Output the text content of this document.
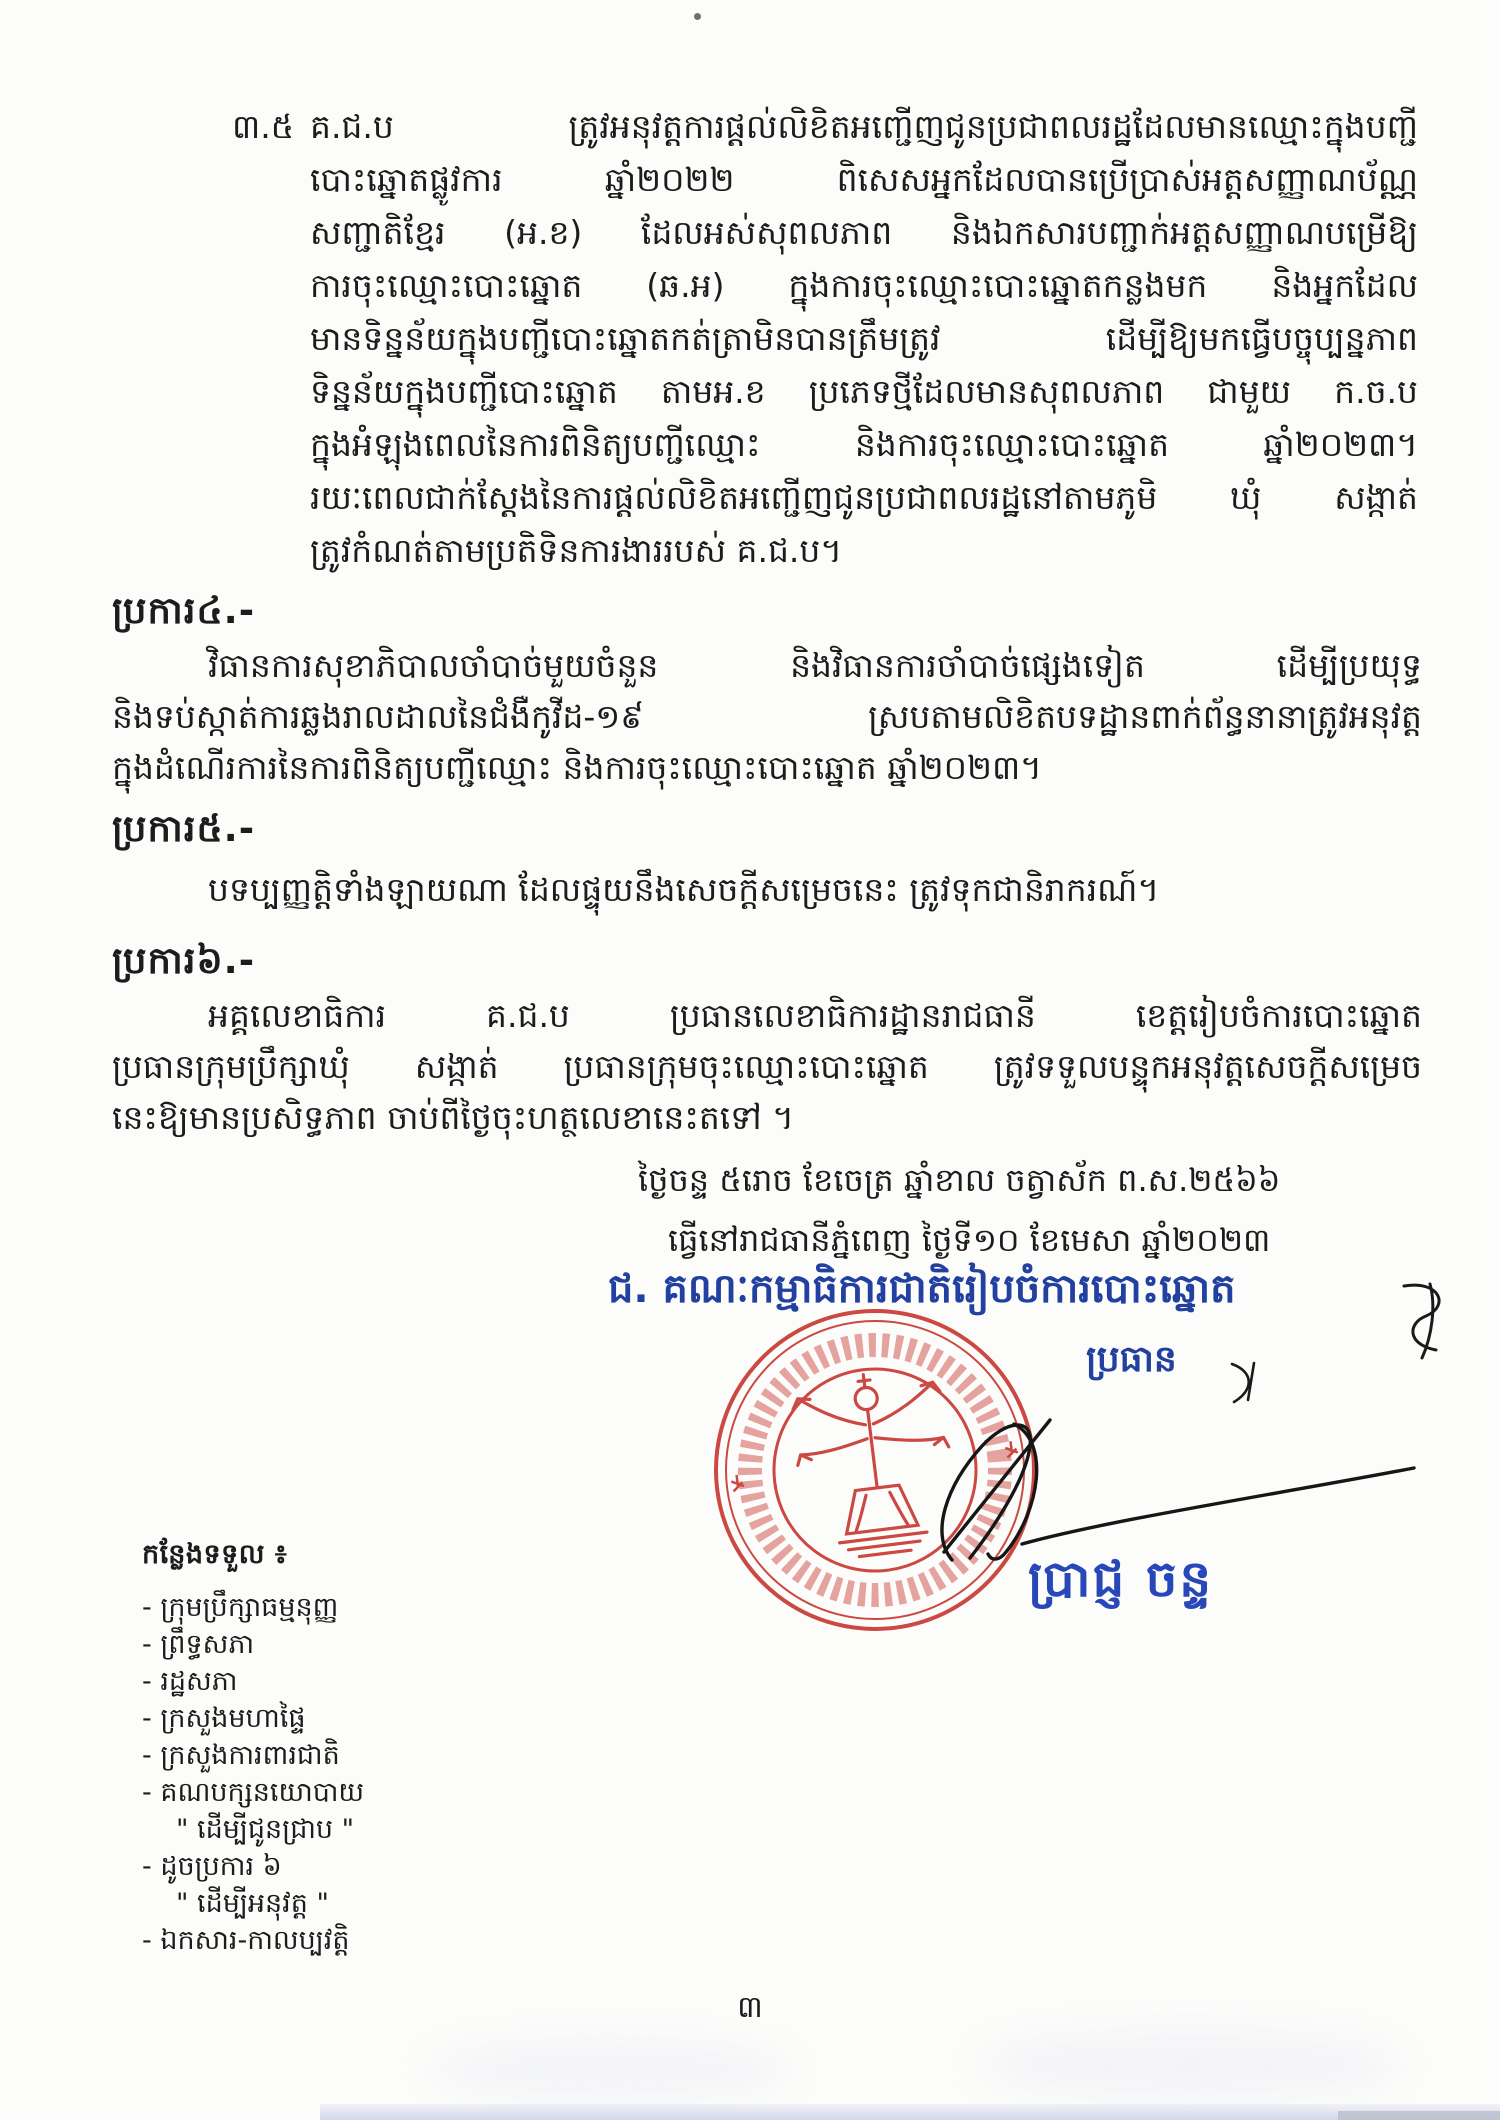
៣.៥ គ.ជ.ប ត្រូវអនុវត្តការផ្តល់លិខិតអញ្ជើញជូនប្រជាពលរដ្ឋដែលមានឈ្មោះក្នុងបញ្ជី
បោះឆ្នោតផ្លូវការ ឆ្នាំ២០២២ ពិសេសអ្នកដែលបានប្រើប្រាស់អត្តសញ្ញាណប័ណ្ណ
សញ្ជាតិខ្មែរ (អ.ខ) ដែលអស់សុពលភាព និងឯកសារបញ្ជាក់អត្តសញ្ញាណបម្រើឱ្យ
ការចុះឈ្មោះបោះឆ្នោត (ឆ.អ) ក្នុងការចុះឈ្មោះបោះឆ្នោតកន្លងមក និងអ្នកដែល
មានទិន្នន័យក្នុងបញ្ជីបោះឆ្នោតកត់ត្រាមិនបានត្រឹមត្រូវ ដើម្បីឱ្យមកធ្វើបច្ចុប្បន្នភាព
ទិន្នន័យក្នុងបញ្ជីបោះឆ្នោត តាមអ.ខ ប្រភេទថ្មីដែលមានសុពលភាព ជាមួយ ក.ច.ប
ក្នុងអំឡុងពេលនៃការពិនិត្យបញ្ជីឈ្មោះ និងការចុះឈ្មោះបោះឆ្នោត ឆ្នាំ២០២៣។
រយៈពេលជាក់ស្តែងនៃការផ្តល់លិខិតអញ្ជើញជូនប្រជាពលរដ្ឋនៅតាមភូមិ ឃុំ សង្កាត់
ត្រូវកំណត់តាមប្រតិទិនការងាររបស់ គ.ជ.ប។
ប្រការ៤.-
វិធានការសុខាភិបាលចាំបាច់មួយចំនួន និងវិធានការចាំបាច់ផ្សេងទៀត ដើម្បីប្រយុទ្ធ
និងទប់ស្កាត់ការឆ្លងរាលដាលនៃជំងឺកូវីដ-១៩ ស្របតាមលិខិតបទដ្ឋានពាក់ព័ន្ធនានាត្រូវអនុវត្ត
ក្នុងដំណើរការនៃការពិនិត្យបញ្ជីឈ្មោះ និងការចុះឈ្មោះបោះឆ្នោត ឆ្នាំ២០២៣។
ប្រការ៥.-
បទប្បញ្ញត្តិទាំងឡាយណា ដែលផ្ទុយនឹងសេចក្តីសម្រេចនេះ ត្រូវទុកជានិរាករណ៍។
ប្រការ៦.-
អគ្គលេខាធិការ គ.ជ.ប ប្រធានលេខាធិការដ្ឋានរាជធានី ខេត្តរៀបចំការបោះឆ្នោត
ប្រធានក្រុមប្រឹក្សាឃុំ សង្កាត់ ប្រធានក្រុមចុះឈ្មោះបោះឆ្នោត ត្រូវទទួលបន្ទុកអនុវត្តសេចក្តីសម្រេច
នេះឱ្យមានប្រសិទ្ធភាព ចាប់ពីថ្ងៃចុះហត្ថលេខានេះតទៅ ។
ថ្ងៃចន្ទ ៥រោច ខែចេត្រ ឆ្នាំខាល ចត្វាស័ក ព.ស.២៥៦៦
ធ្វើនៅរាជធានីភ្នំពេញ ថ្ងៃទី១០ ខែមេសា ឆ្នាំ២០២៣
ជ. គណៈកម្មាធិការជាតិរៀបចំការបោះឆ្នោត
ប្រធាន
ប្រាជ្ញ ចន្ទ
កន្លែងទទួល ៖
- ក្រុមប្រឹក្សាធម្មនុញ្ញ
- ព្រឹទ្ធសភា
- រដ្ឋសភា
- ក្រសួងមហាផ្ទៃ
- ក្រសួងការពារជាតិ
- គណបក្សនយោបាយ
" ដើម្បីជូនជ្រាប "
- ដូចប្រការ ៦
" ដើម្បីអនុវត្ត "
- ឯកសារ-កាលប្បវត្តិ
៣
